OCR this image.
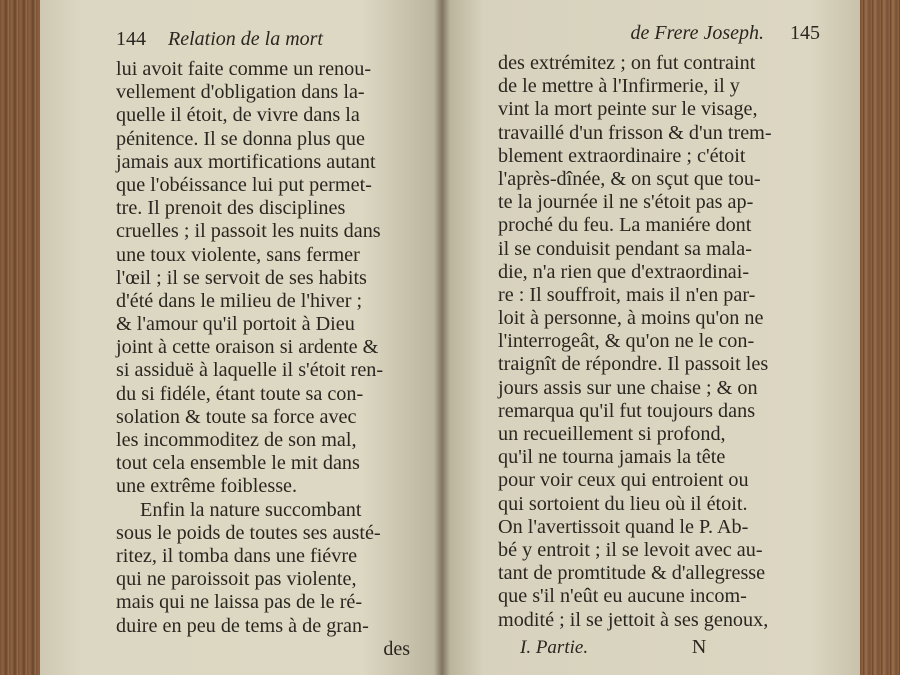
144 Relation de la mort
lui avoit faite comme un renou-
vellement d'obligation dans la-
quelle il étoit, de vivre dans la
pénitence. Il se donna plus que
jamais aux mortifications autant
que l'obéissance lui put permet-
tre. Il prenoit des disciplines
cruelles ; il passoit les nuits dans
une toux violente, sans fermer
l'œil ; il se servoit de ses habits
d'été dans le milieu de l'hiver ;
& l'amour qu'il portoit à Dieu
joint à cette oraison si ardente &
si assiduë à laquelle il s'étoit ren-
du si fidéle, étant toute sa con-
solation & toute sa force avec
les incommoditez de son mal,
tout cela ensemble le mit dans
une extrême foiblesse.
Enfin la nature succombant
sous le poids de toutes ses austé-
ritez, il tomba dans une fiévre
qui ne paroissoit pas violente,
mais qui ne laissa pas de le ré-
duire en peu de tems à de gran-
des
de Frere Joseph. 145
des extrémitez ; on fut contraint
de le mettre à l'Infirmerie, il y
vint la mort peinte sur le visage,
travaillé d'un frisson & d'un trem-
blement extraordinaire ; c'étoit
l'après-dînée, & on sçut que tou-
te la journée il ne s'étoit pas ap-
proché du feu. La maniére dont
il se conduisit pendant sa mala-
die, n'a rien que d'extraordinai-
re : Il souffroit, mais il n'en par-
loit à personne, à moins qu'on ne
l'interrogeât, & qu'on ne le con-
traignît de répondre. Il passoit les
jours assis sur une chaise ; & on
remarqua qu'il fut toujours dans
un recueillement si profond,
qu'il ne tourna jamais la tête
pour voir ceux qui entroient ou
qui sortoient du lieu où il étoit.
On l'avertissoit quand le P. Ab-
bé y entroit ; il se levoit avec au-
tant de promtitude & d'allegresse
que s'il n'eût eu aucune incom-
modité ; il se jettoit à ses genoux,
I. Partie.	N
